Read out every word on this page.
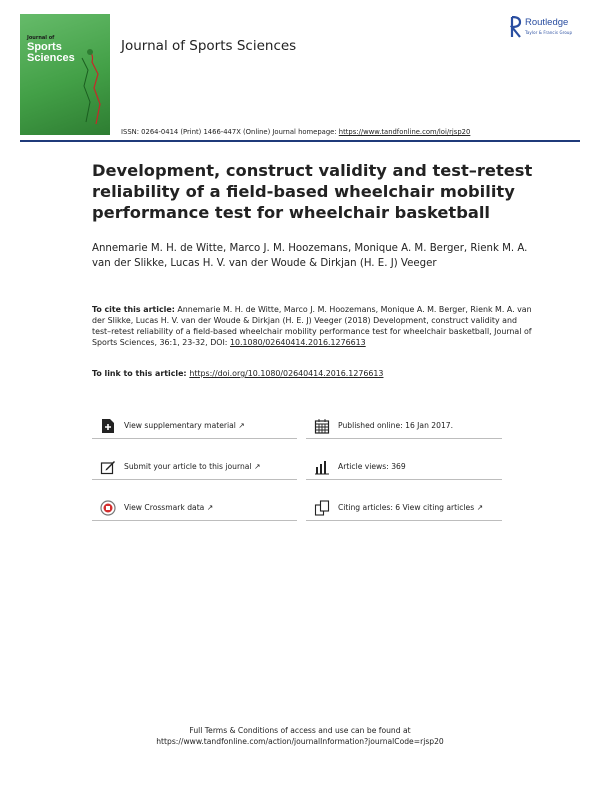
Journal of
Sports
Sciences
Journal of Sports Sciences
Routledge
Taylor & Francis Group
ISSN: 0264-0414 (Print) 1466-447X (Online) Journal homepage: https://www.tandfonline.com/loi/rjsp20
Development, construct validity and test–retest reliability of a field-based wheelchair mobility performance test for wheelchair basketball
Annemarie M. H. de Witte, Marco J. M. Hoozemans, Monique A. M. Berger, Rienk M. A. van der Slikke, Lucas H. V. van der Woude & Dirkjan (H. E. J) Veeger
To cite this article: Annemarie M. H. de Witte, Marco J. M. Hoozemans, Monique A. M. Berger, Rienk M. A. van der Slikke, Lucas H. V. van der Woude & Dirkjan (H. E. J) Veeger (2018) Development, construct validity and test–retest reliability of a field-based wheelchair mobility performance test for wheelchair basketball, Journal of Sports Sciences, 36:1, 23-32, DOI: 10.1080/02640414.2016.1276613
To link to this article: https://doi.org/10.1080/02640414.2016.1276613
View supplementary material ↗	Published online: 16 Jan 2017.
Submit your article to this journal ↗	Article views: 369
View Crossmark data ↗	Citing articles: 6 View citing articles ↗
Full Terms & Conditions of access and use can be found at
https://www.tandfonline.com/action/journalInformation?journalCode=rjsp20
